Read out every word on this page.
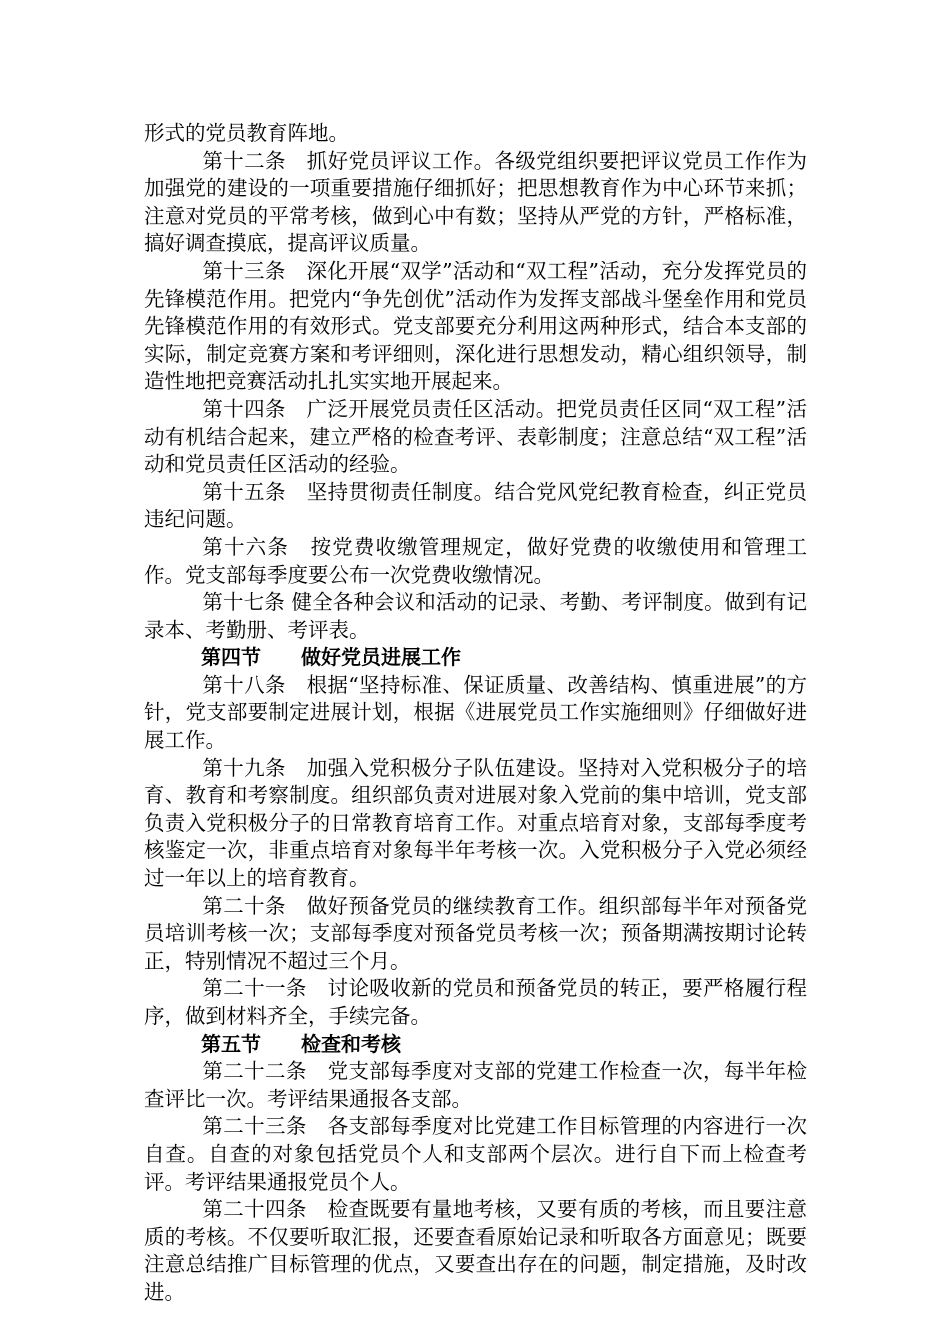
形式的党员教育阵地。

第十二条　抓好党员评议工作。各级党组织要把评议党员工作作为加强党的建设的一项重要措施仔细抓好；把思想教育作为中心环节来抓；注意对党员的平常考核，做到心中有数；坚持从严党的方针，严格标准，搞好调查摸底，提高评议质量。

第十三条　深化开展“双学”活动和“双工程”活动，充分发挥党员的先锋模范作用。把党内“争先创优”活动作为发挥支部战斗堡垒作用和党员先锋模范作用的有效形式。党支部要充分利用这两种形式，结合本支部的实际，制定竞赛方案和考评细则，深化进行思想发动，精心组织领导，制造性地把竞赛活动扎扎实实地开展起来。

第十四条　广泛开展党员责任区活动。把党员责任区同“双工程”活动有机结合起来，建立严格的检查考评、表彰制度；注意总结“双工程”活动和党员责任区活动的经验。

第十五条　坚持贯彻责任制度。结合党风党纪教育检查，纠正党员违纪问题。

第十六条　按党费收缴管理规定，做好党费的收缴使用和管理工作。党支部每季度要公布一次党费收缴情况。

第十七条 健全各种会议和活动的记录、考勤、考评制度。做到有记录本、考勤册、考评表。

第四节　　做好党员进展工作

第十八条　根据“坚持标准、保证质量、改善结构、慎重进展”的方针，党支部要制定进展计划，根据《进展党员工作实施细则》仔细做好进展工作。

第十九条　加强入党积极分子队伍建设。坚持对入党积极分子的培育、教育和考察制度。组织部负责对进展对象入党前的集中培训，党支部负责入党积极分子的日常教育培育工作。对重点培育对象，支部每季度考核鉴定一次，非重点培育对象每半年考核一次。入党积极分子入党必须经过一年以上的培育教育。

第二十条　做好预备党员的继续教育工作。组织部每半年对预备党员培训考核一次；支部每季度对预备党员考核一次；预备期满按期讨论转正，特别情况不超过三个月。

第二十一条　讨论吸收新的党员和预备党员的转正，要严格履行程序，做到材料齐全，手续完备。

第五节　　检查和考核

第二十二条　党支部每季度对支部的党建工作检查一次，每半年检查评比一次。考评结果通报各支部。

第二十三条　各支部每季度对比党建工作目标管理的内容进行一次自查。自查的对象包括党员个人和支部两个层次。进行自下而上检查考评。考评结果通报党员个人。

第二十四条　检查既要有量地考核，又要有质的考核，而且要注意质的考核。不仅要听取汇报，还要查看原始记录和听取各方面意见；既要注意总结推广目标管理的优点，又要查出存在的问题，制定措施，及时改进。
